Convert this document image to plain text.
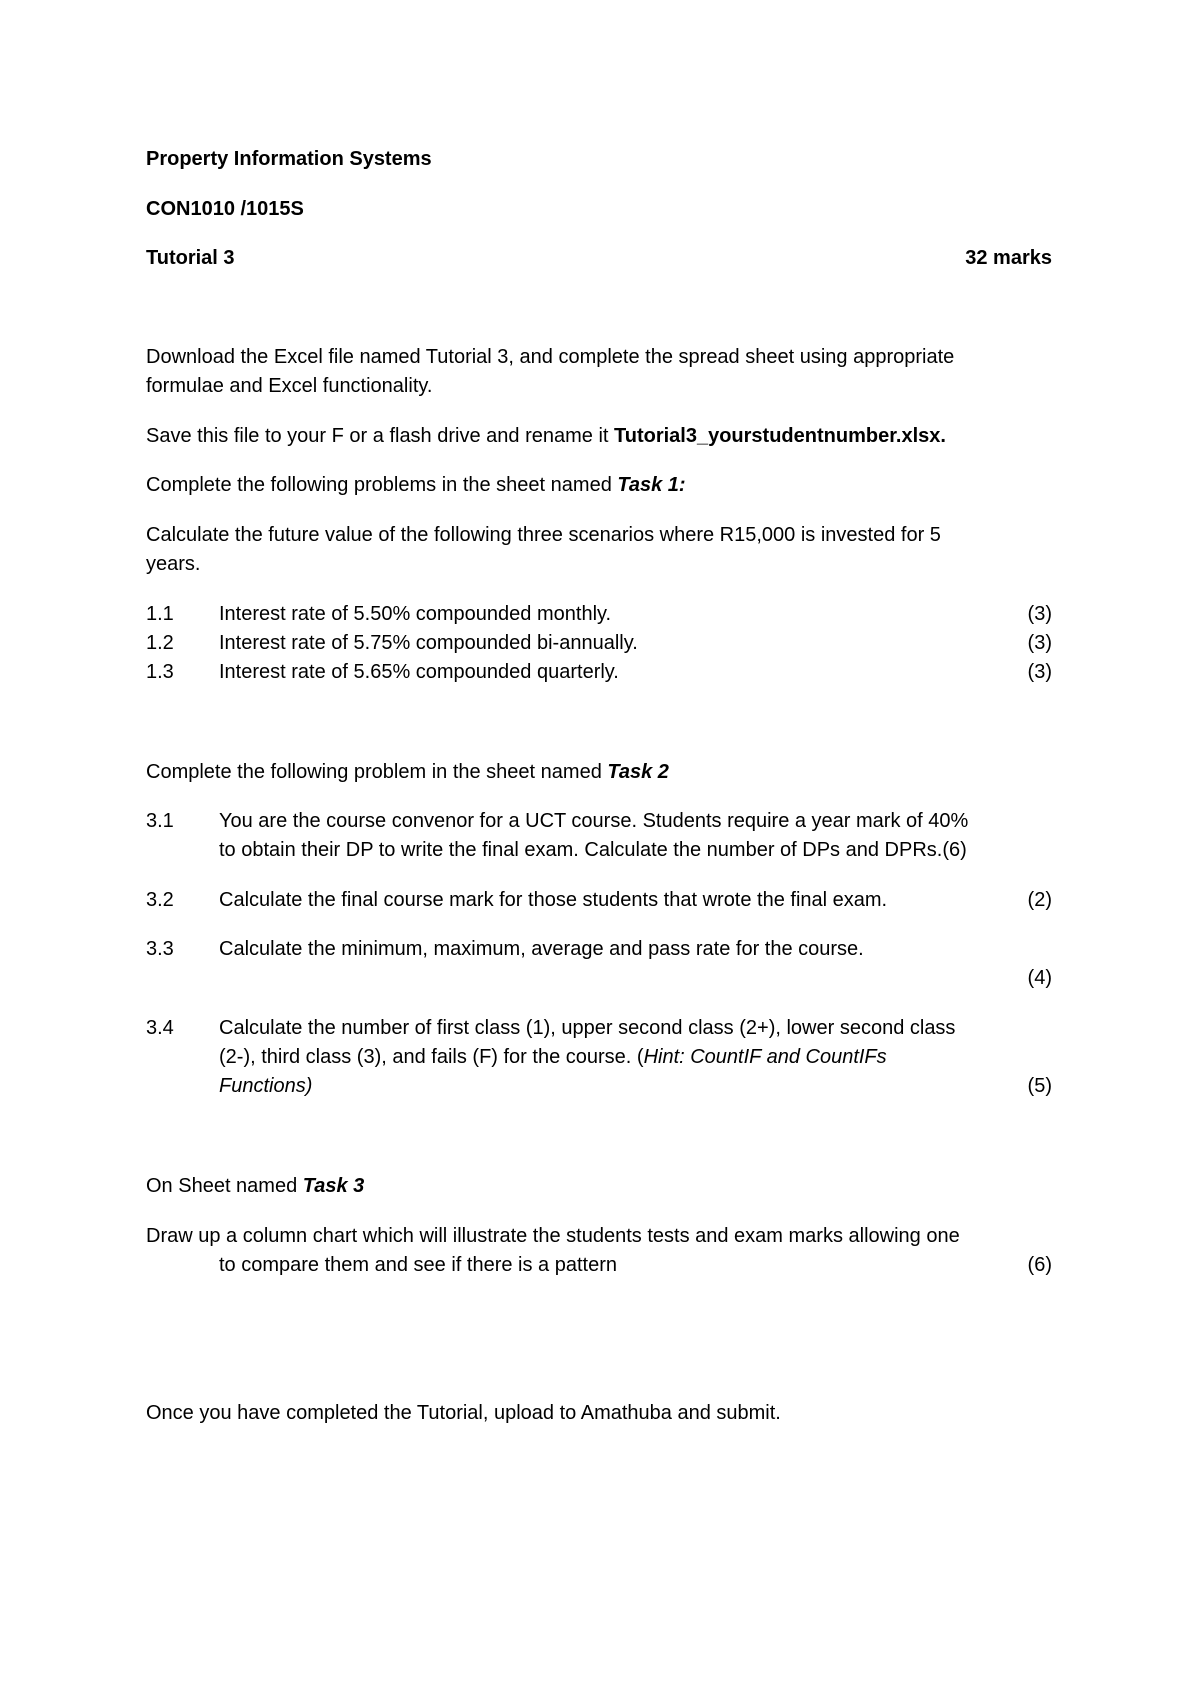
Property Information Systems
CON1010 /1015S
Tutorial 3	32 marks
Download the Excel file named Tutorial 3, and complete the spread sheet using appropriate
formulae and Excel functionality.
Save this file to your F or a flash drive and rename it Tutorial3_yourstudentnumber.xlsx.
Complete the following problems in the sheet named Task 1:
Calculate the future value of the following three scenarios where R15,000 is invested for 5
years.
1.1 Interest rate of 5.50% compounded monthly.	(3)
1.2 Interest rate of 5.75% compounded bi-annually.	(3)
1.3 Interest rate of 5.65% compounded quarterly.	(3)
Complete the following problem in the sheet named Task 2
3.1 You are the course convenor for a UCT course. Students require a year mark of 40%
to obtain their DP to write the final exam. Calculate the number of DPs and DPRs.(6)
3.2 Calculate the final course mark for those students that wrote the final exam.	(2)
3.3 Calculate the minimum, maximum, average and pass rate for the course.
(4)
3.4 Calculate the number of first class (1), upper second class (2+), lower second class
(2-), third class (3), and fails (F) for the course. (Hint: CountIF and CountIFs
Functions)	(5)
On Sheet named Task 3
Draw up a column chart which will illustrate the students tests and exam marks allowing one
to compare them and see if there is a pattern	(6)
Once you have completed the Tutorial, upload to Amathuba and submit.
